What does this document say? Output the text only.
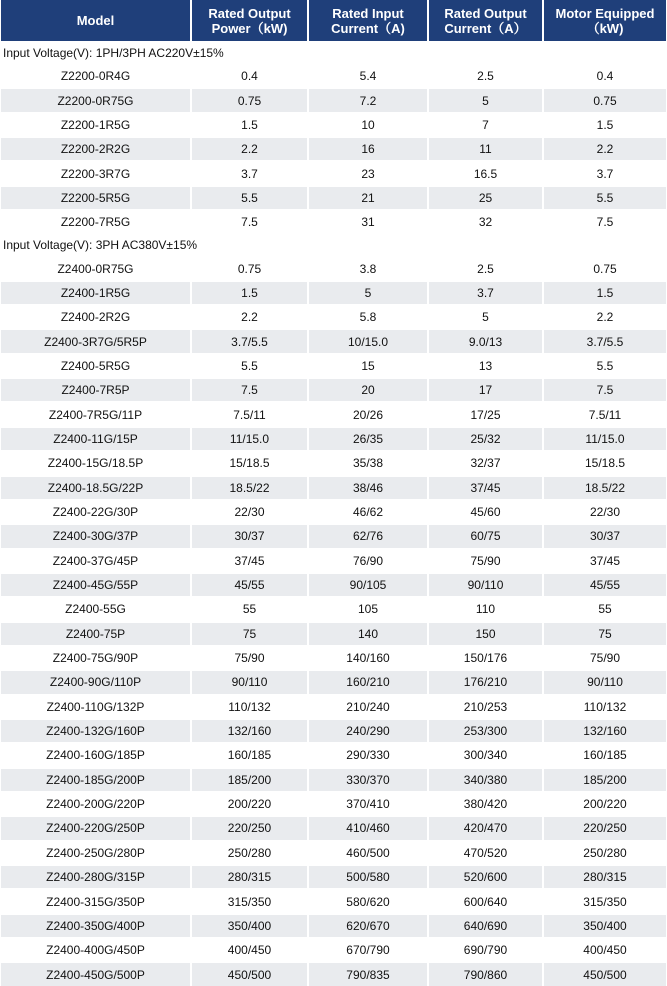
Model	Rated Output Power（kW)	Rated Input Current（A)	Rated Output Current（A）	Motor Equipped（kW)
Input Voltage(V): 1PH/3PH AC220V±15%				
Z2200-0R4G	0.4	5.4	2.5	0.4
Z2200-0R75G	0.75	7.2	5	0.75
Z2200-1R5G	1.5	10	7	1.5
Z2200-2R2G	2.2	16	11	2.2
Z2200-3R7G	3.7	23	16.5	3.7
Z2200-5R5G	5.5	21	25	5.5
Z2200-7R5G	7.5	31	32	7.5
Input Voltage(V): 3PH AC380V±15%				
Z2400-0R75G	0.75	3.8	2.5	0.75
Z2400-1R5G	1.5	5	3.7	1.5
Z2400-2R2G	2.2	5.8	5	2.2
Z2400-3R7G/5R5P	3.7/5.5	10/15.0	9.0/13	3.7/5.5
Z2400-5R5G	5.5	15	13	5.5
Z2400-7R5P	7.5	20	17	7.5
Z2400-7R5G/11P	7.5/11	20/26	17/25	7.5/11
Z2400-11G/15P	11/15.0	26/35	25/32	11/15.0
Z2400-15G/18.5P	15/18.5	35/38	32/37	15/18.5
Z2400-18.5G/22P	18.5/22	38/46	37/45	18.5/22
Z2400-22G/30P	22/30	46/62	45/60	22/30
Z2400-30G/37P	30/37	62/76	60/75	30/37
Z2400-37G/45P	37/45	76/90	75/90	37/45
Z2400-45G/55P	45/55	90/105	90/110	45/55
Z2400-55G	55	105	110	55
Z2400-75P	75	140	150	75
Z2400-75G/90P	75/90	140/160	150/176	75/90
Z2400-90G/110P	90/110	160/210	176/210	90/110
Z2400-110G/132P	110/132	210/240	210/253	110/132
Z2400-132G/160P	132/160	240/290	253/300	132/160
Z2400-160G/185P	160/185	290/330	300/340	160/185
Z2400-185G/200P	185/200	330/370	340/380	185/200
Z2400-200G/220P	200/220	370/410	380/420	200/220
Z2400-220G/250P	220/250	410/460	420/470	220/250
Z2400-250G/280P	250/280	460/500	470/520	250/280
Z2400-280G/315P	280/315	500/580	520/600	280/315
Z2400-315G/350P	315/350	580/620	600/640	315/350
Z2400-350G/400P	350/400	620/670	640/690	350/400
Z2400-400G/450P	400/450	670/790	690/790	400/450
Z2400-450G/500P	450/500	790/835	790/860	450/500
